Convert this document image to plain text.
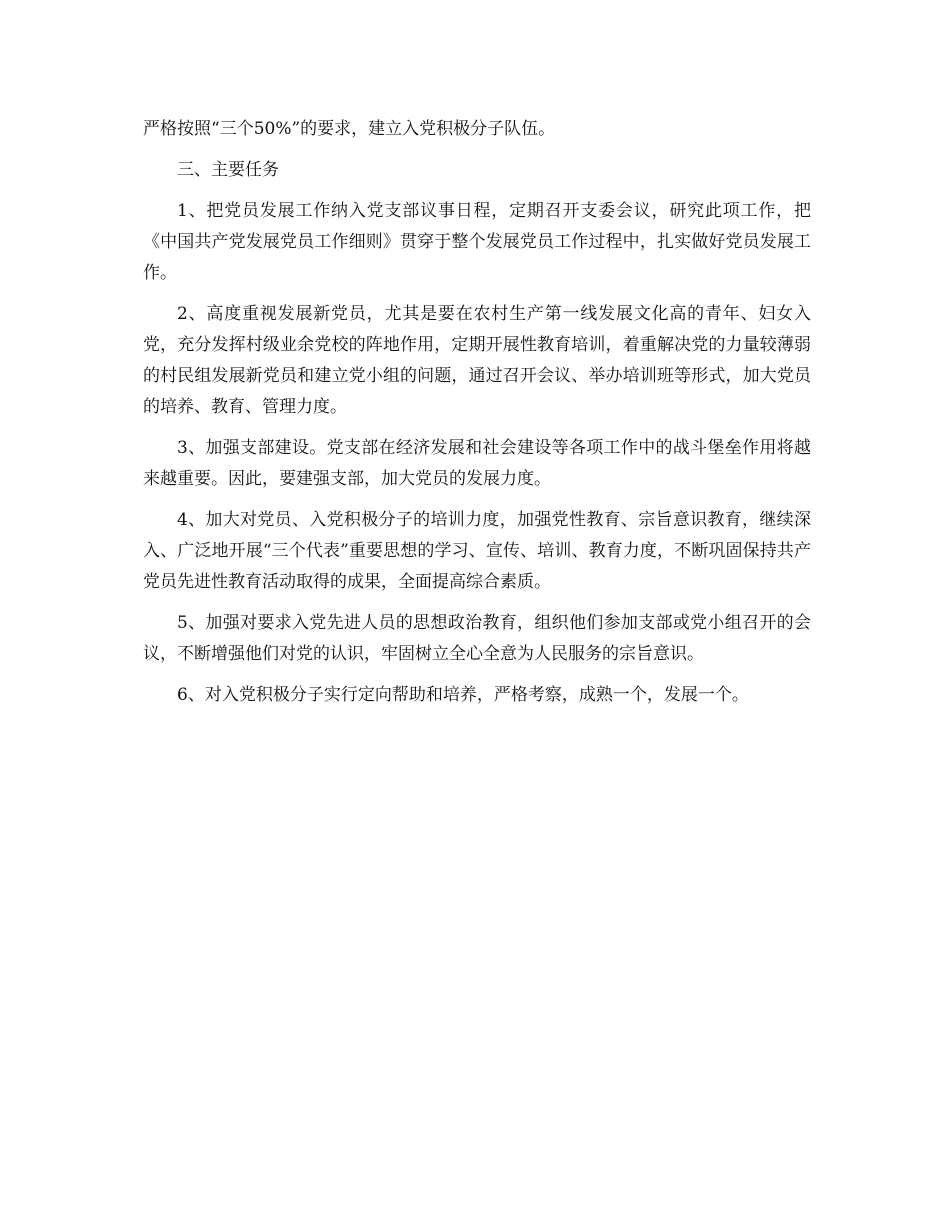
严格按照“三个50%”的要求，建立入党积极分子队伍。

三、主要任务

1、把党员发展工作纳入党支部议事日程，定期召开支委会议，研究此项工作，把《中国共产党发展党员工作细则》贯穿于整个发展党员工作过程中，扎实做好党员发展工作。

2、高度重视发展新党员，尤其是要在农村生产第一线发展文化高的青年、妇女入党，充分发挥村级业余党校的阵地作用，定期开展性教育培训，着重解决党的力量较薄弱的村民组发展新党员和建立党小组的问题，通过召开会议、举办培训班等形式，加大党员的培养、教育、管理力度。

3、加强支部建设。党支部在经济发展和社会建设等各项工作中的战斗堡垒作用将越来越重要。因此，要建强支部，加大党员的发展力度。

4、加大对党员、入党积极分子的培训力度，加强党性教育、宗旨意识教育，继续深入、广泛地开展“三个代表”重要思想的学习、宣传、培训、教育力度，不断巩固保持共产党员先进性教育活动取得的成果，全面提高综合素质。

5、加强对要求入党先进人员的思想政治教育，组织他们参加支部或党小组召开的会议，不断增强他们对党的认识，牢固树立全心全意为人民服务的宗旨意识。

6、对入党积极分子实行定向帮助和培养，严格考察，成熟一个，发展一个。
